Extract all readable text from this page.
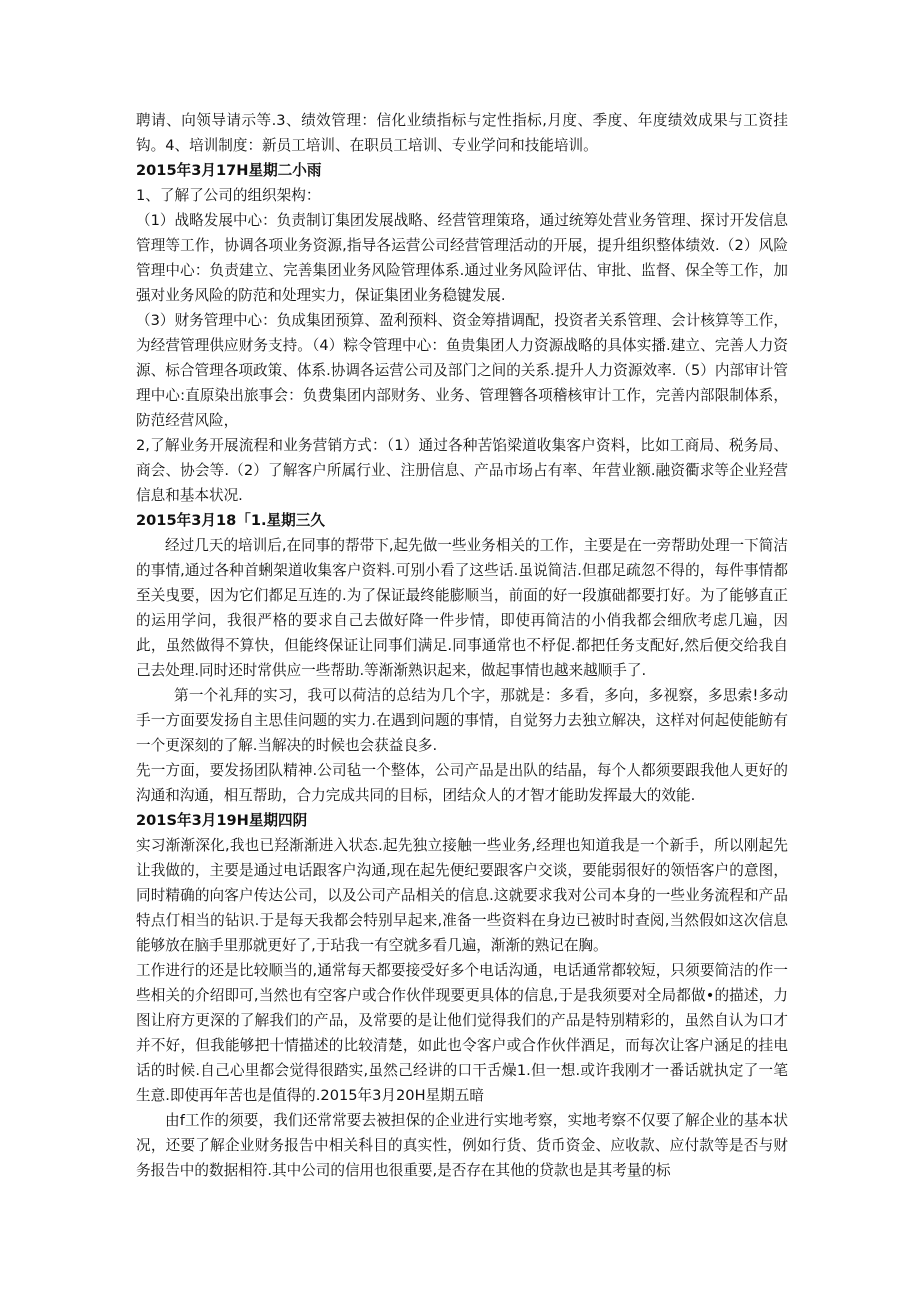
聘请、向领导请示等.3、绩效管理：信化业绩指标与定性指标,月度、季度、年度绩效成果与工资挂钩。4、培训制度：新员工培训、在职员工培训、专业学问和技能培训。

2015年3月17H星期二小雨

1、了解了公司的组织架构：

（1）战略发展中心：负责制订集团发展战略、经营管理策珞，通过统筹处营业务管理、探讨开发信息管理等工作，协调各项业务资源,指导各运营公司经营管理活动的开展，提升组织整体绩效.（2）风险管理中心：负责建立、完善集团业务风险管理体系.通过业务风险评估、审批、监督、保全等工作，加强对业务风险的防范和处理实力，保证集团业务稳键发展.

（3）财务管理中心：负成集团预算、盈利预料、资金筹措调配，投资者关系管理、会计核算等工作，为经营管理供应财务支持。（4）粽令管理中心：鱼贵集团人力资源战略的具体实播.建立、完善人力资源、标合管理各项政策、体系.协调各运营公司及部门之间的关系.提升人力资源效率.（5）内部审计管理中心:直原染出旅事会：负费集团内部财务、业务、管理簪各项稽核审计工作，完善内部限制体系，防范经营风险，

2,了解业务开展流程和业务营销方式：（1）通过各种苦馅梁道收集客户资料，比如工商局、税务局、商会、协会等.（2）了解客户所属行业、注册信息、产品市场占有率、年营业额.融资衢求等企业羟营信息和基本状况.

2015年3月18「1.星期三久

经过几天的培训后,在同事的帮带下,起先做一些业务相关的工作，主要是在一旁帮助处理一下简洁的事情,通过各种首蜊架道收集客户资料.可别小看了这些话.虽说简洁.但郡足疏忽不得的，每件事情都至关曳要，因为它们都足互连的.为了保证最终能膨顺当，前面的好一段旗础都要打好。为了能够直正的运用学问，我很严格的要求自己去做好降一件步情，即使再简洁的小俏我都会细欣考虑几遍，因此，虽然做得不算快，但能终保证让同事们满足.同事通常也不杼促.都把任务支配好,然后便交给我自己去处理.同时还时常供应一些帮助.等渐渐熟识起来，做起事情也越来越顺手了.

第一个礼拜的实习，我可以荷洁的总结为几个字，那就是：多看，多向，多视察，多思索!多动手一方面要发扬自主思佳问题的实力.在遇到问题的事情，自觉努力去独立解决，这样对何起使能鲂有一个更深刻的了解.当解决的时候也会获益良多.

先一方面，要发扬团队精神.公司毡一个整体，公司产品是出队的结晶，每个人都须要跟我他人更好的沟通和沟通，相互帮助，合力完成共同的目标，团结众人的才智才能助发挥最大的效能.

201S年3月19H星期四阴

实习渐渐深化,我也已羟渐渐进入状态.起先独立接触一些业务,经理也知道我是一个新手，所以刚起先让我做的，主要是通过电话跟客户沟通,现在起先便纪要跟客户交谈，要能弱很好的领悟客户的意图，同时精确的向客户传达公司，以及公司产品相关的信息.这就要求我对公司本身的一些业务流程和产品特点仃相当的钻识.于是每天我都会特别早起来,准备一些资料在身边已被时时查阅,当然假如这次信息能够放在脑手里那就更好了,于玷我一有空就多看几遍，渐渐的熟记在胸。

工作进行的还是比较顺当的,通常每天都要接受好多个电话沟通，电话通常都较短，只须要简洁的作一些相关的介绍即可,当然也有空客户或合作伙伴现要更具体的信息,于是我须要对全局都做•的描述，力图让府方更深的了解我们的产品，及常要的是让他们觉得我们的产品是特别精彩的，虽然自认为口才并不好，但我能够把十情描述的比较清楚，如此也令客户或合作伙伴酒足，而每次让客户涵足的挂电话的时候.自己心里都会觉得很踏实,虽然己经讲的口干舌燥1.但一想.或许我刚才一番话就执定了一笔生意.即使再年苦也是值得的.2015年3月20H星期五暗

由f工作的须要，我们还常常要去被担保的企业进行实地考察，实地考察不仅要了解企业的基本状况，还要了解企业财务报告中相关科目的真实性，例如行货、货币资金、应收款、应付款等是否与财务报告中的数据相符.其中公司的信用也很重要,是否存在其他的贷款也是其考量的标
